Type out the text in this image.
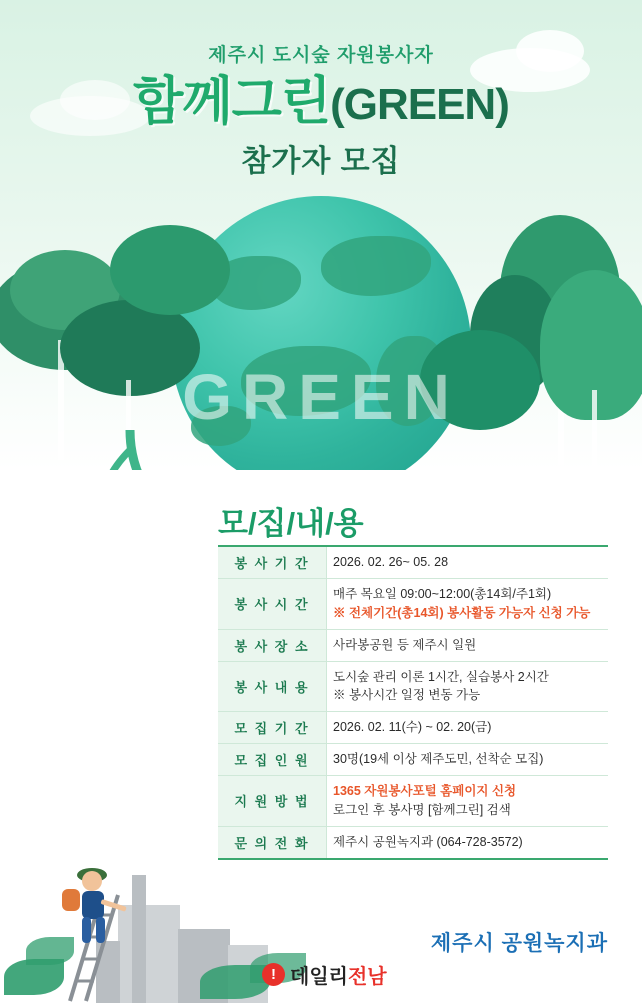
GREEN
제주시 도시숲 자원봉사자
함께그린(GREEN)
참가자 모집
모/집/내/용
봉 사 기 간	2026. 02. 26~ 05. 28

봉 사 시 간	매주 목요일 09:00~12:00(총14회/주1회)
※ 전체기간(총14회) 봉사활동 가능자 신청 가능

봉 사 장 소	사라봉공원 등 제주시 일원

봉 사 내 용	도시숲 관리 이론 1시간, 실습봉사 2시간
※ 봉사시간 일정 변동 가능

모 집 기 간	2026. 02. 11(수) ~ 02. 20(금)

모 집 인 원	30명(19세 이상 제주도민, 선착순 모집)

지 원 방 법	1365 자원봉사포털 홈페이지 신청
로그인 후 봉사명 [함께그린] 검색

문 의 전 화	제주시 공원녹지과 (064-728-3572)
제주시 공원녹지과
! 데일리전남
